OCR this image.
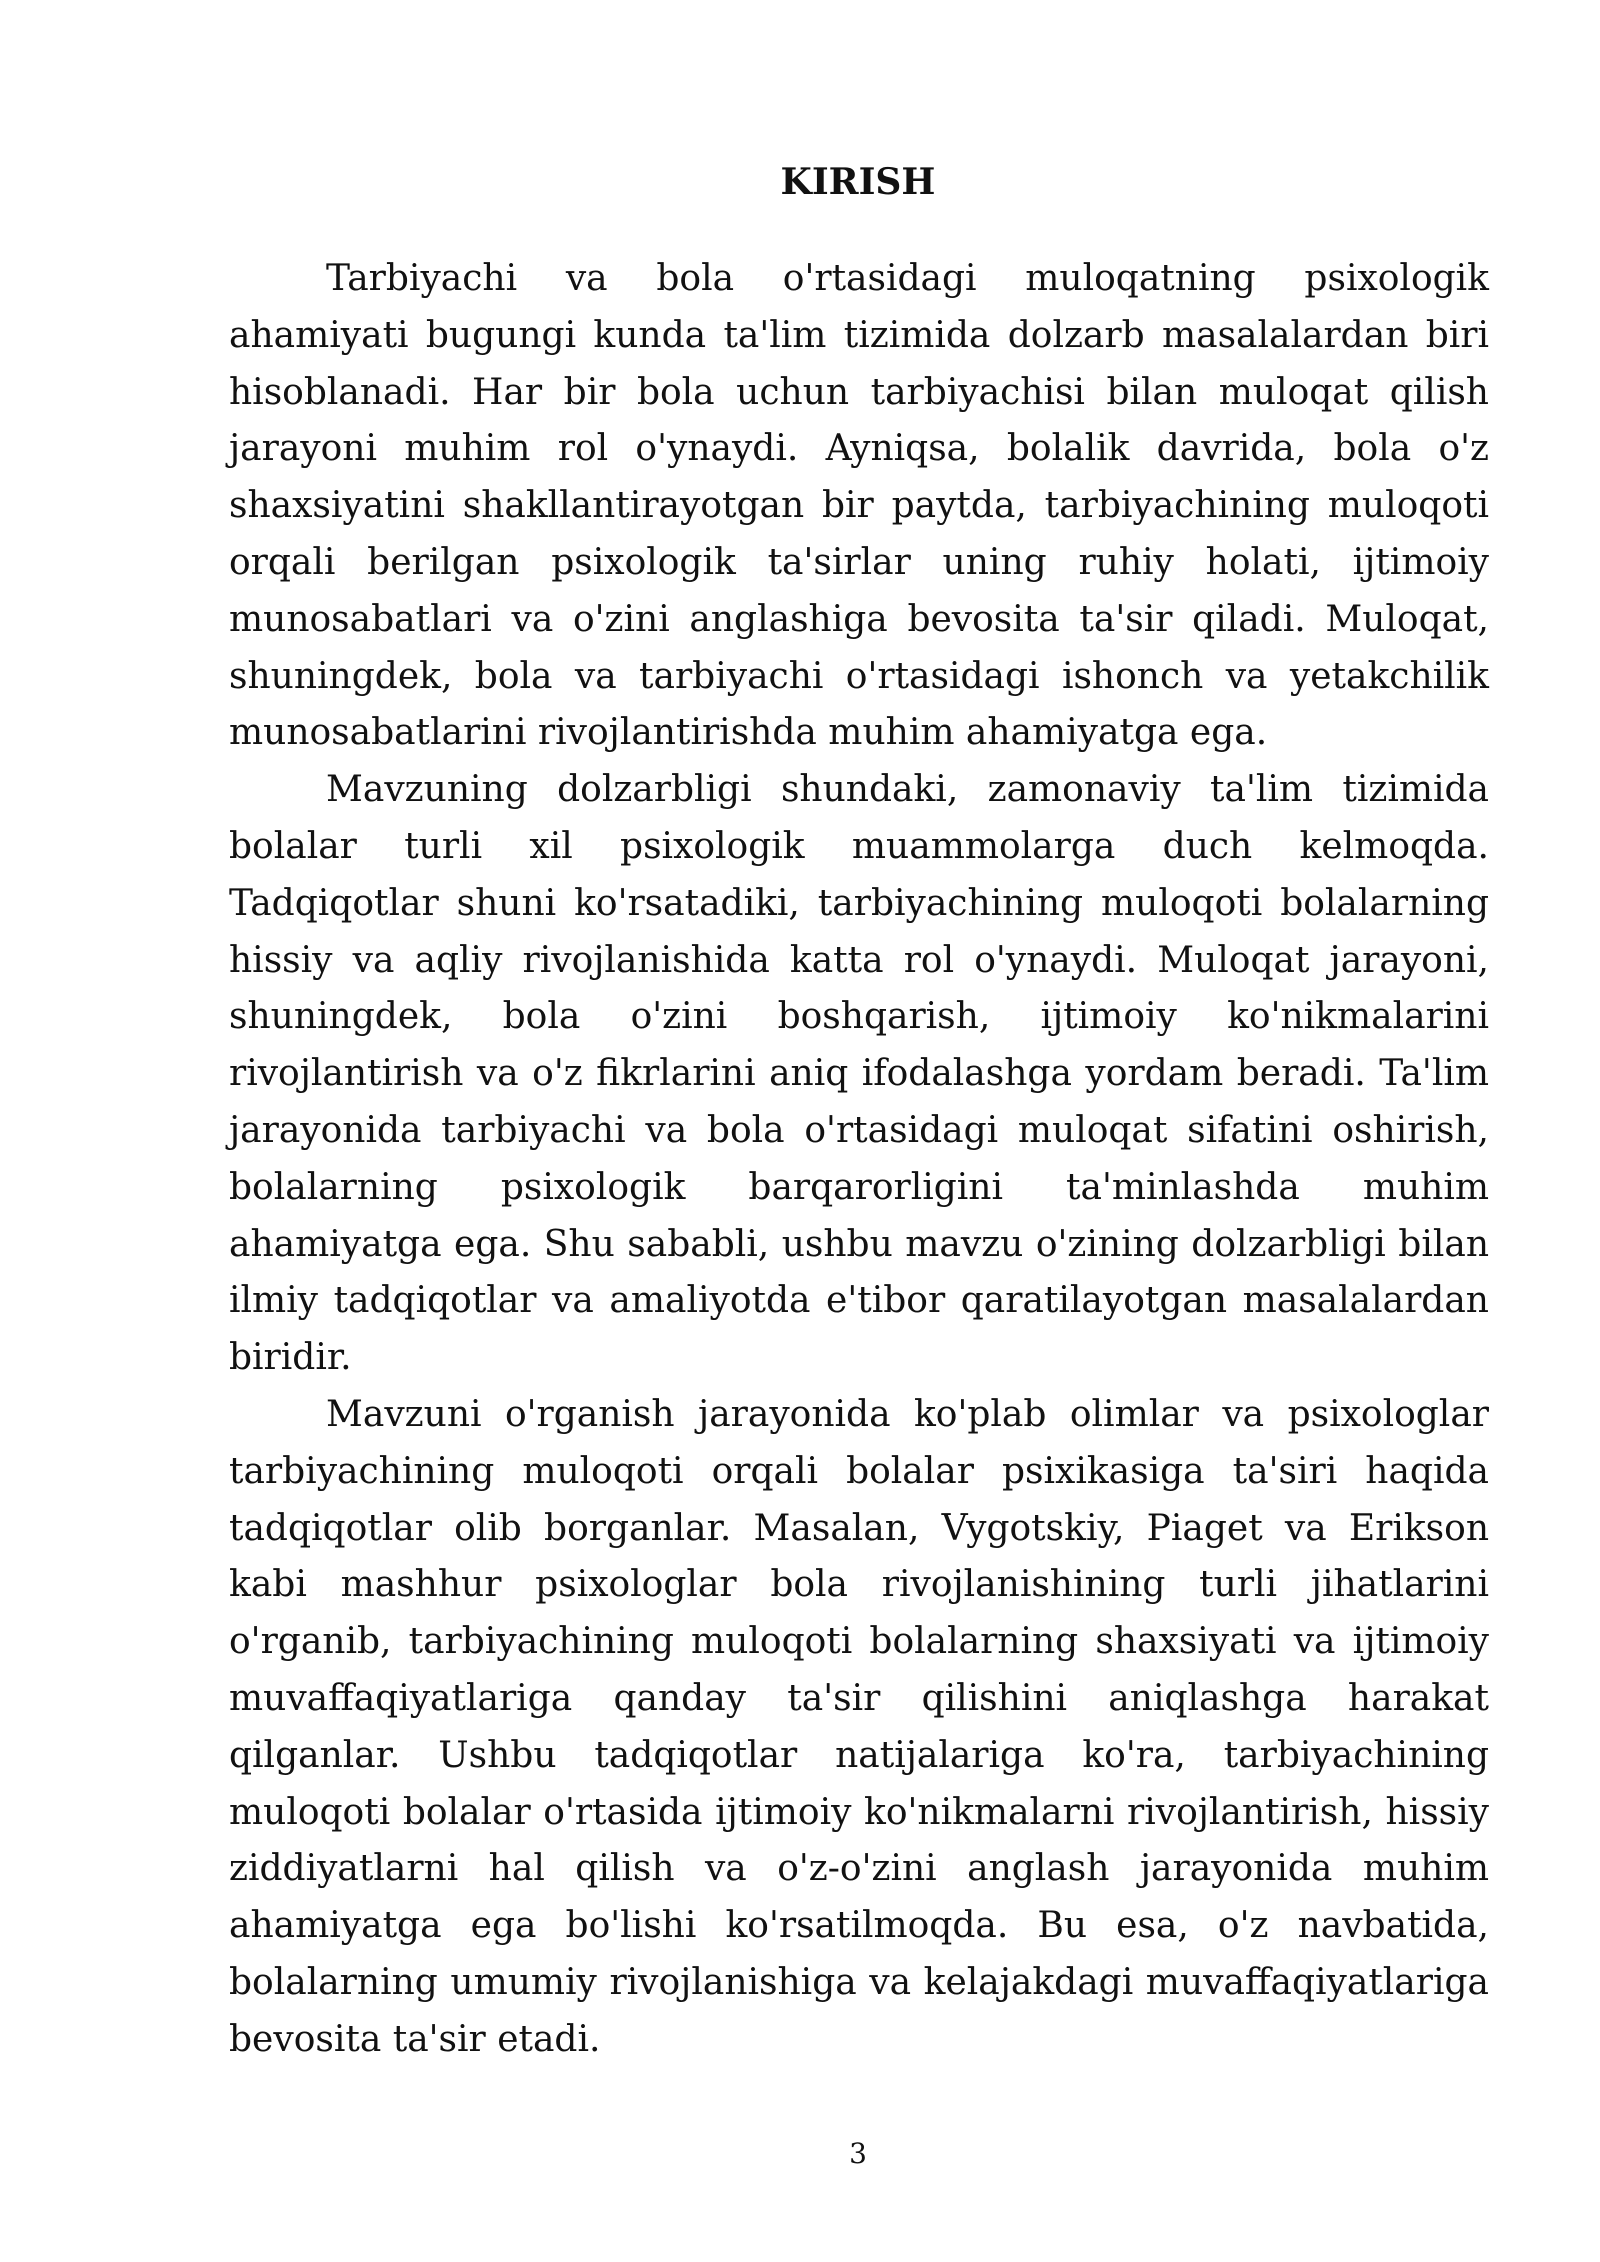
KIRISH

Tarbiyachi va bola o'rtasidagi muloqatning psixologik ahamiyati bugungi kunda ta'lim tizimida dolzarb masalalardan biri hisoblanadi. Har bir bola uchun tarbiyachisi bilan muloqat qilish jarayoni muhim rol o'ynaydi. Ayniqsa, bolalik davrida, bola o'z shaxsiyatini shakllantirayotgan bir paytda, tarbiyachining muloqoti orqali berilgan psixologik ta'sirlar uning ruhiy holati, ijtimoiy munosabatlari va o'zini anglashiga bevosita ta'sir qiladi. Muloqat, shuningdek, bola va tarbiyachi o'rtasidagi ishonch va yetakchilik munosabatlarini rivojlantirishda muhim ahamiyatga ega.

Mavzuning dolzarbligi shundaki, zamonaviy ta'lim tizimida bolalar turli xil psixologik muammolarga duch kelmoqda. Tadqiqotlar shuni ko'rsatadiki, tarbiyachining muloqoti bolalarning hissiy va aqliy rivojlanishida katta rol o'ynaydi. Muloqat jarayoni, shuningdek, bola o'zini boshqarish, ijtimoiy ko'nikmalarini rivojlantirish va o'z fikrlarini aniq ifodalashga yordam beradi. Ta'lim jarayonida tarbiyachi va bola o'rtasidagi muloqat sifatini oshirish, bolalarning psixologik barqarorligini ta'minlashda muhim ahamiyatga ega. Shu sababli, ushbu mavzu o'zining dolzarbligi bilan ilmiy tadqiqotlar va amaliyotda e'tibor qaratilayotgan masalalardan biridir.

Mavzuni o'rganish jarayonida ko'plab olimlar va psixologlar tarbiyachining muloqoti orqali bolalar psixikasiga ta'siri haqida tadqiqotlar olib borganlar. Masalan, Vygotskiy, Piaget va Erikson kabi mashhur psixologlar bola rivojlanishining turli jihatlarini o'rganib, tarbiyachining muloqoti bolalarning shaxsiyati va ijtimoiy muvaffaqiyatlariga qanday ta'sir qilishini aniqlashga harakat qilganlar. Ushbu tadqiqotlar natijalariga ko'ra, tarbiyachining muloqoti bolalar o'rtasida ijtimoiy ko'nikmalarni rivojlantirish, hissiy ziddiyatlarni hal qilish va o'z-o'zini anglash jarayonida muhim ahamiyatga ega bo'lishi ko'rsatilmoqda. Bu esa, o'z navbatida, bolalarning umumiy rivojlanishiga va kelajakdagi muvaffaqiyatlariga bevosita ta'sir etadi.

3
